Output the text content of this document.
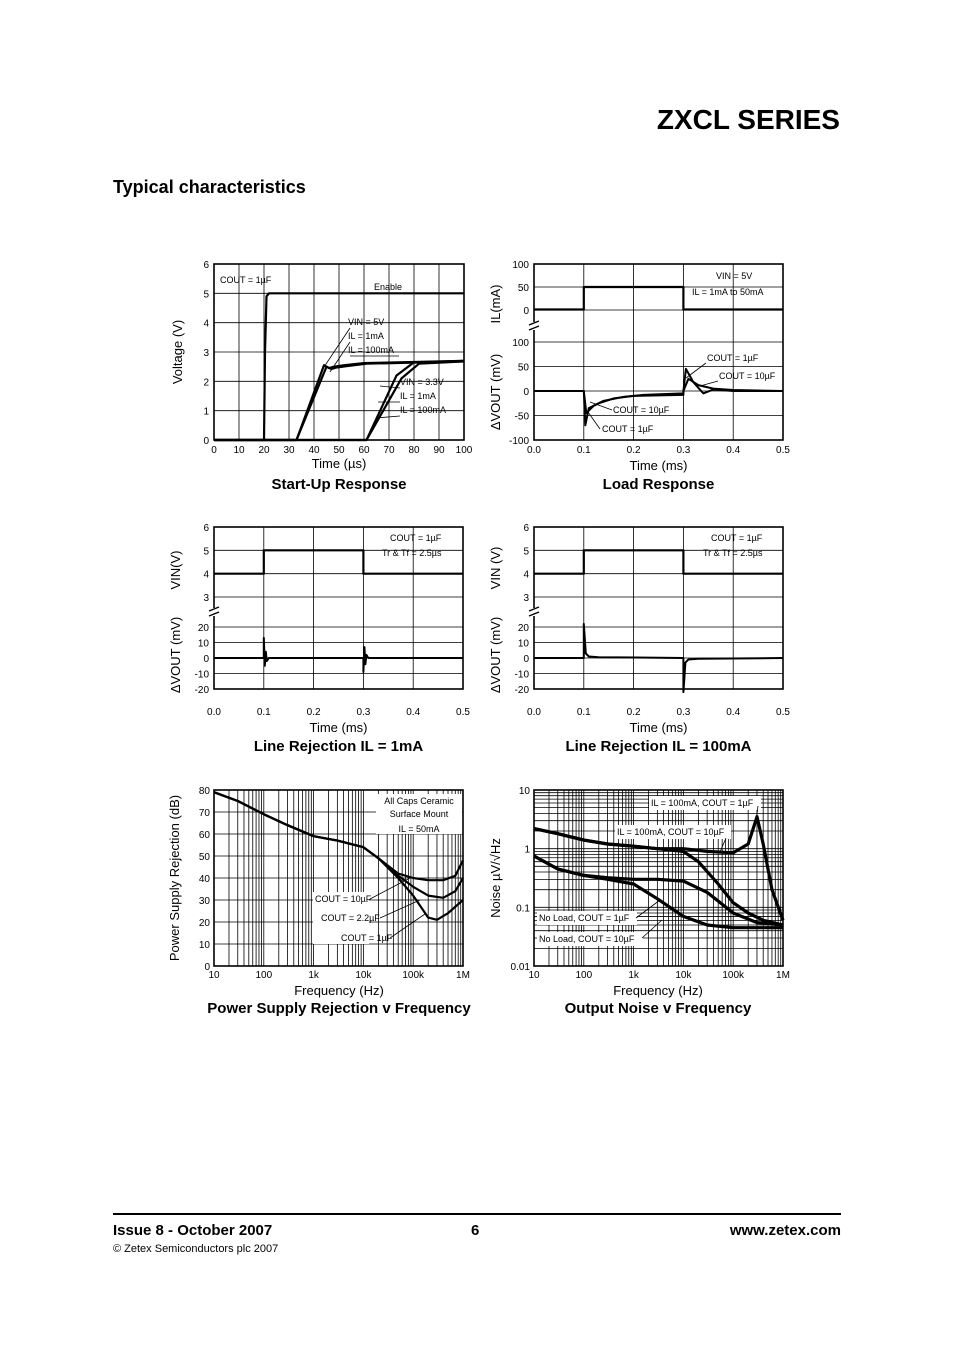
ZXCL SERIES
Typical characteristics
0 10 20 30 40 50 60 70 80 90 100
0
1
2
3
4
5
6
Time (µs)
Voltage (V)
Start-Up Response
COUT = 1µF
Enable
VIN = 5V
IL = 1mA
IL = 100mA
VIN = 3.3V
IL = 1mA
IL = 100mA
0.0	0.1	0.2	0.3	0.4	0.5
100
50
0
100
50
0
-50
-100
Time (ms)
Load Response
IL(mA)
ΔVOUT (mV)
VIN = 5V
IL = 1mA to 50mA
COUT = 1µF
COUT = 10µF
COUT = 10µF
COUT = 1µF
0.0	0.1	0.2	0.3	0.4	0.5
6
5
4
3
20
10
0
-10
-20
Time (ms)
Line Rejection IL = 1mA
VIN(V)
ΔVOUT (mV)
COUT = 1µF
Tr & Tf = 2.5µs
0.0	0.1	0.2	0.3	0.4	0.5
6
5
4
3
20
10
0
-10
-20
Time (ms)
Line Rejection IL = 100mA
VIN (V)
ΔVOUT (mV)
COUT = 1µF
Tr & Tf = 2.5µs
10	100	1k	10k	100k	1M
0
10
20
30
40
50
60
70
80
All Caps Ceramic
Surface Mount
IL = 50mA
COUT = 10µF
COUT = 2.2µF
COUT = 1µF
Frequency (Hz)
Power Supply Rejection (dB)
Power Supply Rejection v Frequency
10	100	1k	10k	100k	1M
10
1
0.1
0.01
IL = 100mA, COUT = 1µF
IL = 100mA, COUT = 10µF
No Load, COUT = 1µF
No Load, COUT = 10µF
Frequency (Hz)
Noise µV/√Hz
Output Noise v Frequency
Issue 8 - October 2007
© Zetex Semiconductors plc 2007
6	www.zetex.com
